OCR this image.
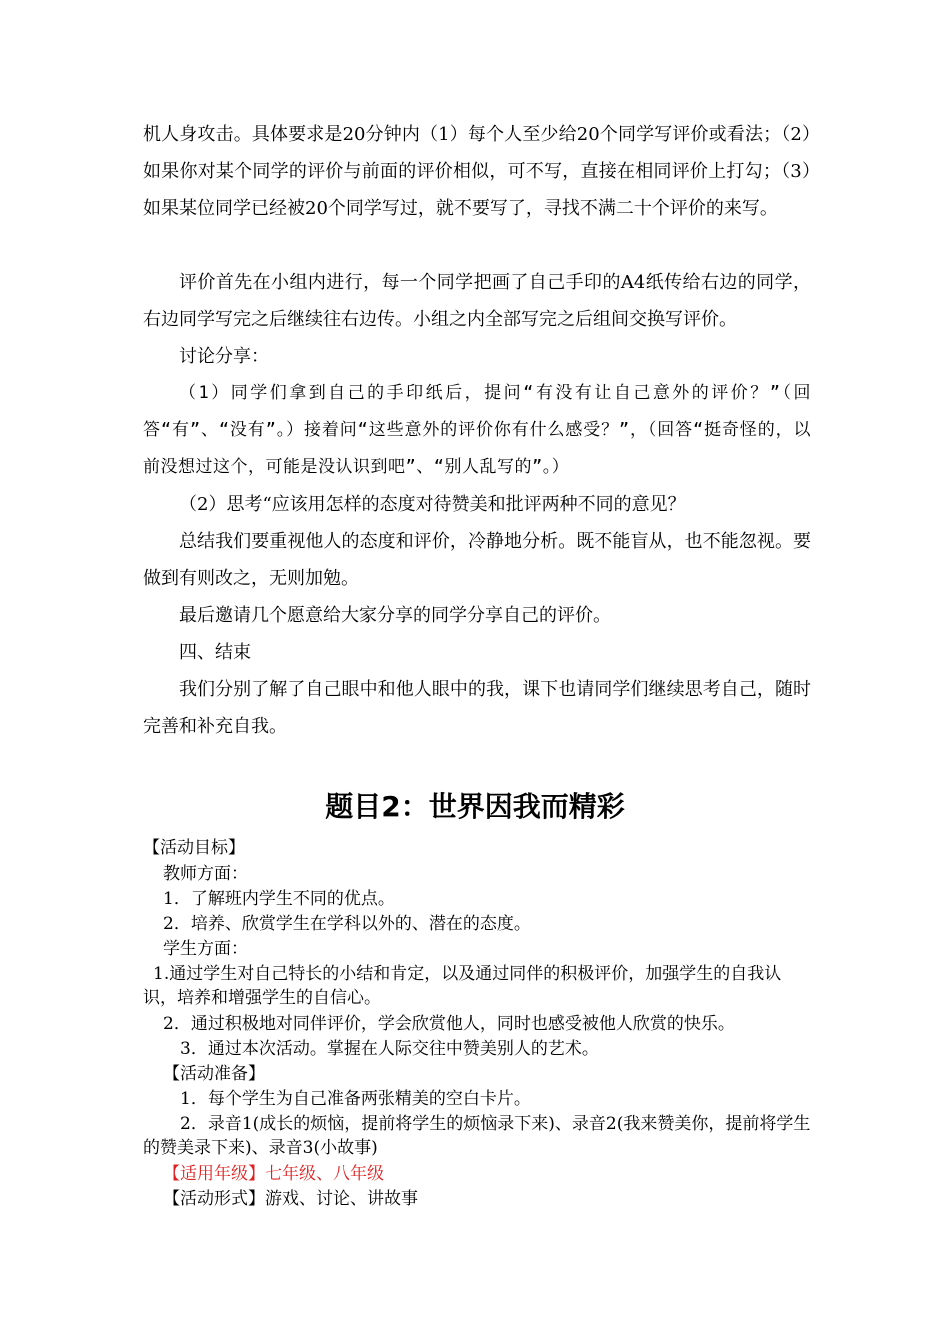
机人身攻击。具体要求是20分钟内（1）每个人至少给20个同学写评价或看法；（2）如果你对某个同学的评价与前面的评价相似，可不写，直接在相同评价上打勾；（3）如果某位同学已经被20个同学写过，就不要写了，寻找不满二十个评价的来写。

评价首先在小组内进行，每一个同学把画了自己手印的A4纸传给右边的同学，右边同学写完之后继续往右边传。小组之内全部写完之后组间交换写评价。

讨论分享：

（1）同学们拿到自己的手印纸后，提问“有没有让自己意外的评价？”（回答“有”、“没有”。）接着问“这些意外的评价你有什么感受？”，（回答“挺奇怪的，以前没想过这个，可能是没认识到吧”、“别人乱写的”。）

（2）思考“应该用怎样的态度对待赞美和批评两种不同的意见？

总结我们要重视他人的态度和评价，冷静地分析。既不能盲从，也不能忽视。要做到有则改之，无则加勉。

最后邀请几个愿意给大家分享的同学分享自己的评价。

四、结束

我们分别了解了自己眼中和他人眼中的我，课下也请同学们继续思考自己，随时完善和补充自我。

题目2：世界因我而精彩

【活动目标】

教师方面：

1．了解班内学生不同的优点。

2．培养、欣赏学生在学科以外的、潜在的态度。

学生方面：

1.通过学生对自己特长的小结和肯定，以及通过同伴的积极评价，加强学生的自我认识，培养和增强学生的自信心。

2．通过积极地对同伴评价，学会欣赏他人，同时也感受被他人欣赏的快乐。

3．通过本次活动。掌握在人际交往中赞美别人的艺术。

【活动准备】

1．每个学生为自己准备两张精美的空白卡片。

2．录音1(成长的烦恼，提前将学生的烦恼录下来)、录音2(我来赞美你，提前将学生的赞美录下来)、录音3(小故事)

【适用年级】七年级、八年级

【活动形式】游戏、讨论、讲故事
